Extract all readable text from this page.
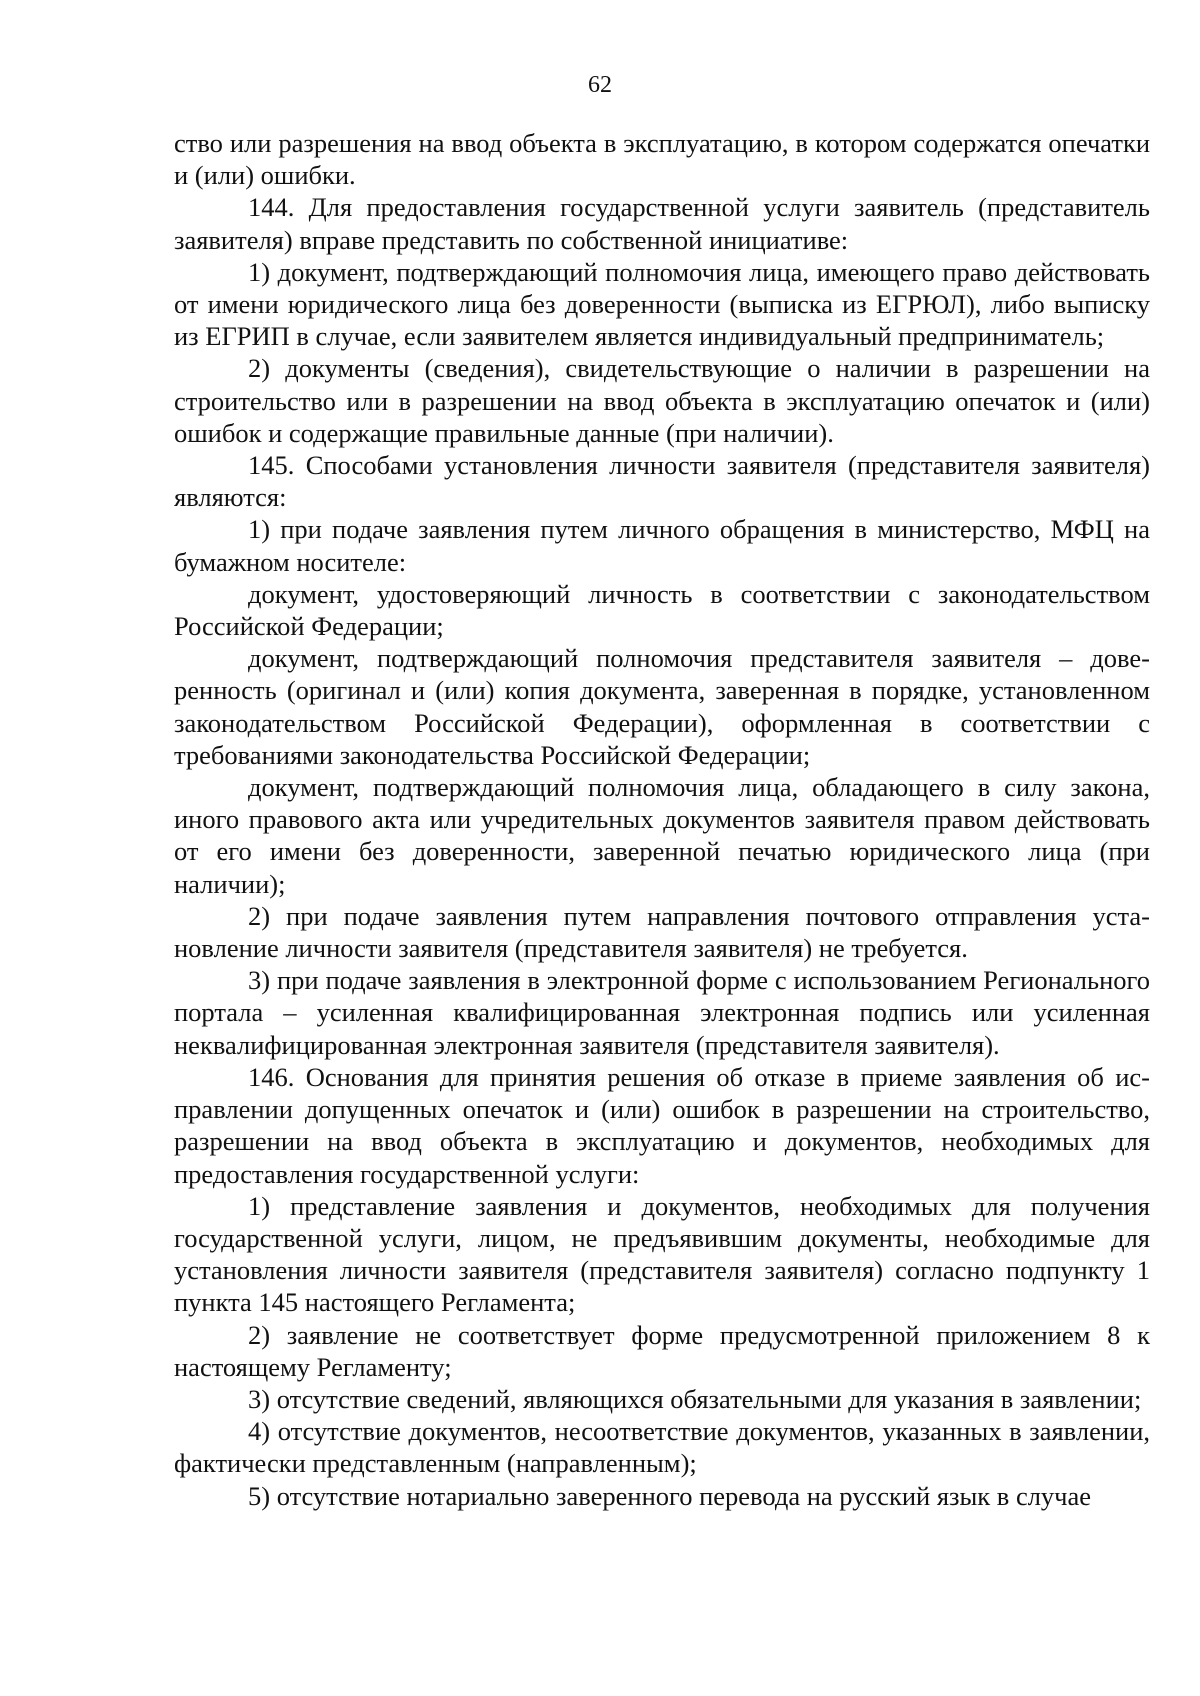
62

ство или разрешения на ввод объекта в эксплуатацию, в котором содержатся опечатки и (или) ошибки.

144. Для предоставления государственной услуги заявитель (представитель заявителя) вправе представить по собственной инициативе:

1) документ, подтверждающий полномочия лица, имеющего право действовать от имени юридического лица без доверенности (выписка из ЕГРЮЛ), либо выписку из ЕГРИП в случае, если заявителем является индивидуальный предприниматель;

2) документы (сведения), свидетельствующие о наличии в разрешении на строительство или в разрешении на ввод объекта в эксплуатацию опечаток и (или) ошибок и содержащие правильные данные (при наличии).

145. Способами установления личности заявителя (представителя заявителя) являются:

1) при подаче заявления путем личного обращения в министерство, МФЦ на бумажном носителе:

документ, удостоверяющий личность в соответствии с законодательством Российской Федерации;

документ, подтверждающий полномочия представителя заявителя – доверенность (оригинал и (или) копия документа, заверенная в порядке, установленном законодательством Российской Федерации), оформленная в соответствии с требованиями законодательства Российской Федерации;

документ, подтверждающий полномочия лица, обладающего в силу закона, иного правового акта или учредительных документов заявителя правом действовать от его имени без доверенности, заверенной печатью юридического лица (при наличии);

2) при подаче заявления путем направления почтового отправления установление личности заявителя (представителя заявителя) не требуется.

3) при подаче заявления в электронной форме с использованием Регионального портала – усиленная квалифицированная электронная подпись или усиленная неквалифицированная электронная заявителя (представителя заявителя).

146. Основания для принятия решения об отказе в приеме заявления об исправлении допущенных опечаток и (или) ошибок в разрешении на строительство, разрешении на ввод объекта в эксплуатацию и документов, необходимых для предоставления государственной услуги:

1) представление заявления и документов, необходимых для получения государственной услуги, лицом, не предъявившим документы, необходимые для установления личности заявителя (представителя заявителя) согласно подпункту 1 пункта 145 настоящего Регламента;

2) заявление не соответствует форме предусмотренной приложением 8 к настоящему Регламенту;

3) отсутствие сведений, являющихся обязательными для указания в заявлении;

4) отсутствие документов, несоответствие документов, указанных в заявлении, фактически представленным (направленным);

5) отсутствие нотариально заверенного перевода на русский язык в случае
